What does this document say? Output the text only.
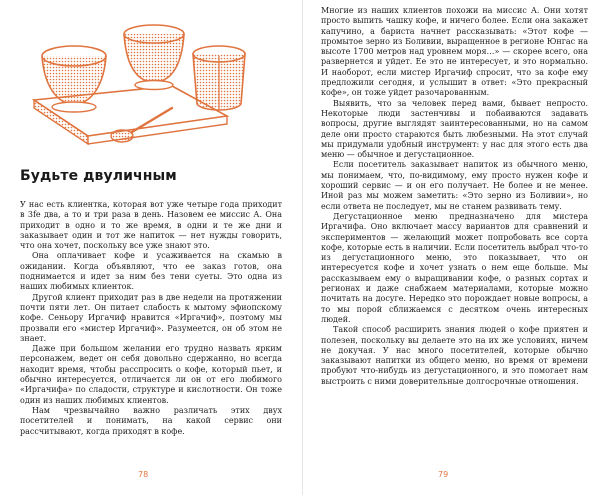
Будьте двуличным

У нас есть клиентка, которая вот уже четыре года приходит в 3fe два, а то и три раза в день. Назовем ее миссис А. Она приходит в одно и то же время, в одни и те же дни и заказывает один и тот же напиток — нет нужды говорить, что она хочет, поскольку все уже знают это.

Она оплачивает кофе и усаживается на скамью в ожидании. Когда объявляют, что ее заказ готов, она поднимается и идет за ним без тени суеты. Это одна из наших любимых клиенток.

Другой клиент приходит раз в две недели на протяжении почти пяти лет. Он питает слабость к мытому эфиопскому кофе. Сеньору Иргачиф нравится «Иргачиф», поэтому мы прозвали его «мистер Иргачиф». Разумеется, он об этом не знает.

Даже при большом желании его трудно назвать ярким персонажем, ведет он себя довольно сдержанно, но всегда находит время, чтобы расспросить о кофе, который пьет, и обычно интересуется, отличается ли он от его любимого «Иргачифа» по сладости, структуре и кислотности. Он тоже один из наших любимых клиентов.

Нам чрезвычайно важно различать этих двух посетителей и понимать, на какой сервис они рассчитывают, когда приходят в кофе.

78

Многие из наших клиентов похожи на миссис А. Они хотят просто выпить чашку кофе, и ничего более. Если она закажет капучино, а бариста начнет рассказывать: «Этот кофе — промытое зерно из Боливии, выращенное в регионе Юнгас на высоте 1700 метров над уровнем моря…» — скорее всего, она развернется и уйдет. Ее это не интересует, и это нормально. И наоборот, если мистер Иргачиф спросит, что за кофе ему предложили сегодня, и услышит в ответ: «Это прекрасный кофе», он тоже уйдет разочарованным.

Выявить, что за человек перед вами, бывает непросто. Некоторые люди застенчивы и побаиваются задавать вопросы, другие выглядят заинтересованными, но на самом деле они просто стараются быть любезными. На этот случай мы придумали удобный инструмент: у нас для этого есть два меню — обычное и дегустационное.

Если посетитель заказывает напиток из обычного меню, мы понимаем, что, по-видимому, ему просто нужен кофе и хороший сервис — и он его получает. Не более и не менее. Иной раз мы можем заметить: «Это зерно из Боливии», но если ответа не последует, мы не станем развивать тему.

Дегустационное меню предназначено для мистера Иргачифа. Оно включает массу вариантов для сравнений и экспериментов — желающий может попробовать все сорта кофе, которые есть в наличии. Если посетитель выбрал что-то из дегустационного меню, это показывает, что он интересуется кофе и хочет узнать о нем еще больше. Мы рассказываем ему о выращивании кофе, о разных сортах и регионах и даже снабжаем материалами, которые можно почитать на досуге. Нередко это порождает новые вопросы, а то мы порой сближаемся с десятком очень интересных людей.

Такой способ расширить знания людей о кофе приятен и полезен, поскольку вы делаете это на их же условиях, ничем не докучая. У нас много посетителей, которые обычно заказывают напитки из общего меню, но время от времени пробуют что-нибудь из дегустационного, и это помогает нам выстроить с ними доверительные долгосрочные отношения.

79
